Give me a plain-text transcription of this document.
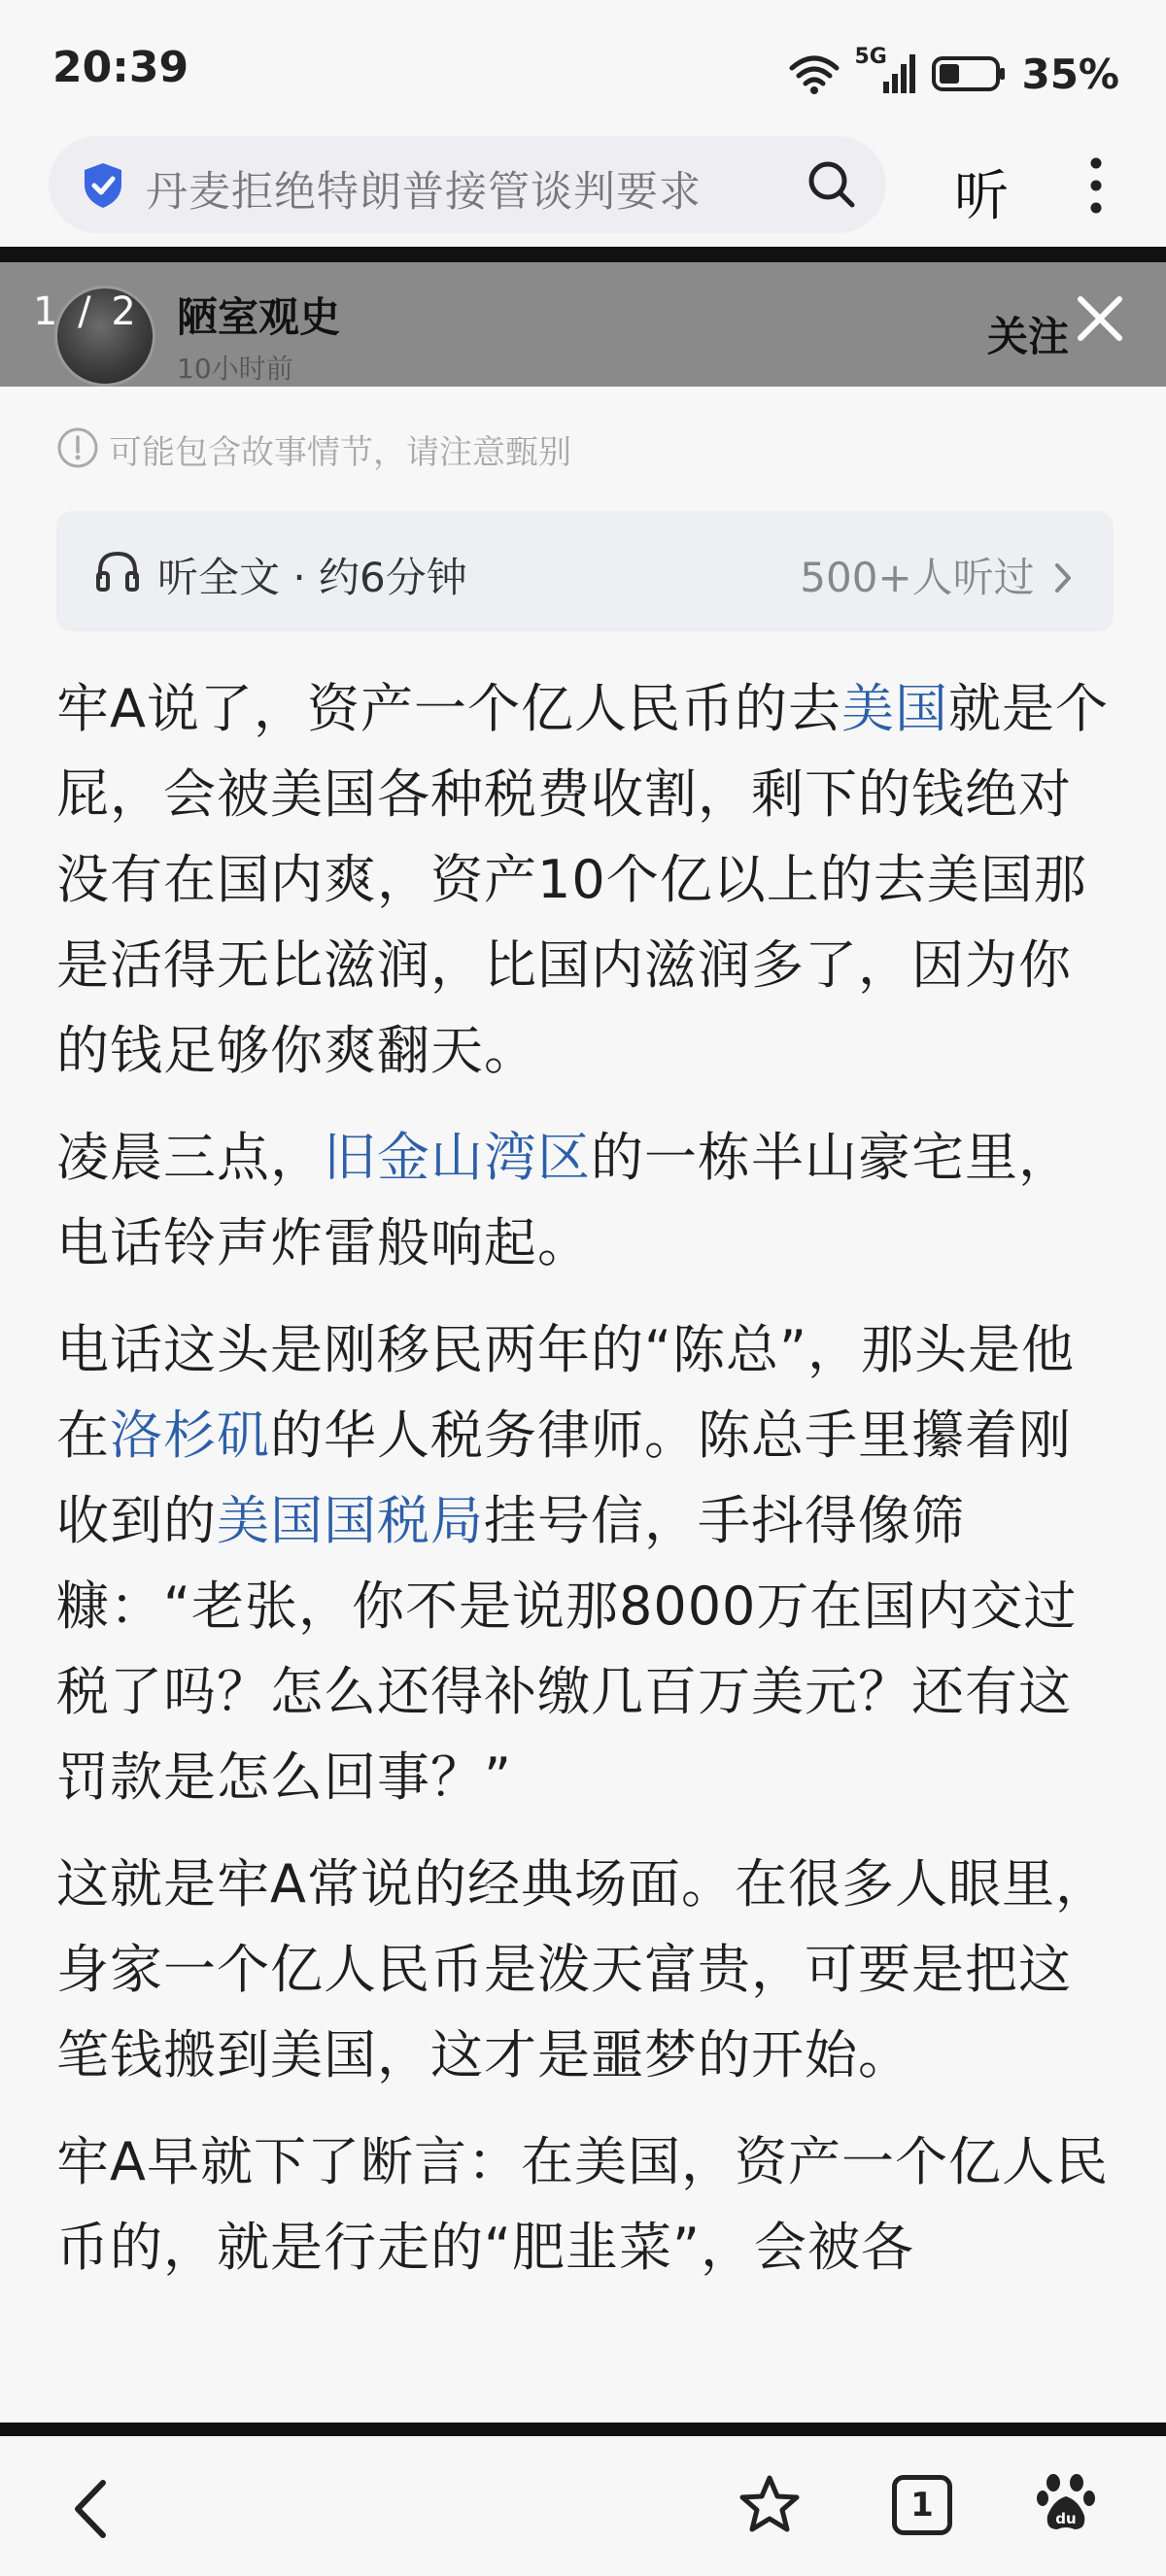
20:39	5G	35%
丹麦拒绝特朗普接管谈判要求	听
1 / 2 陋室观史
10小时前
关注
可能包含故事情节，请注意甄别
听全文 · 约6分钟	500+人听过

牢A说了，资产一个亿人民币的去美国就是个屁，会被美国各种税费收割，剩下的钱绝对没有在国内爽，资产10个亿以上的去美国那是活得无比滋润，比国内滋润多了，因为你的钱足够你爽翻天。

凌晨三点，旧金山湾区的一栋半山豪宅里，电话铃声炸雷般响起。

电话这头是刚移民两年的“陈总”，那头是他在洛杉矶的华人税务律师。陈总手里攥着刚收到的美国国税局挂号信，手抖得像筛糠：“老张，你不是说那8000万在国内交过税了吗？怎么还得补缴几百万美元？还有这罚款是怎么回事？”

这就是牢A常说的经典场面。在很多人眼里，身家一个亿人民币是泼天富贵，可要是把这笔钱搬到美国，这才是噩梦的开始。

牢A早就下了断言：在美国，资产一个亿人民币的，就是行走的“肥韭菜”，会被各

1	du
